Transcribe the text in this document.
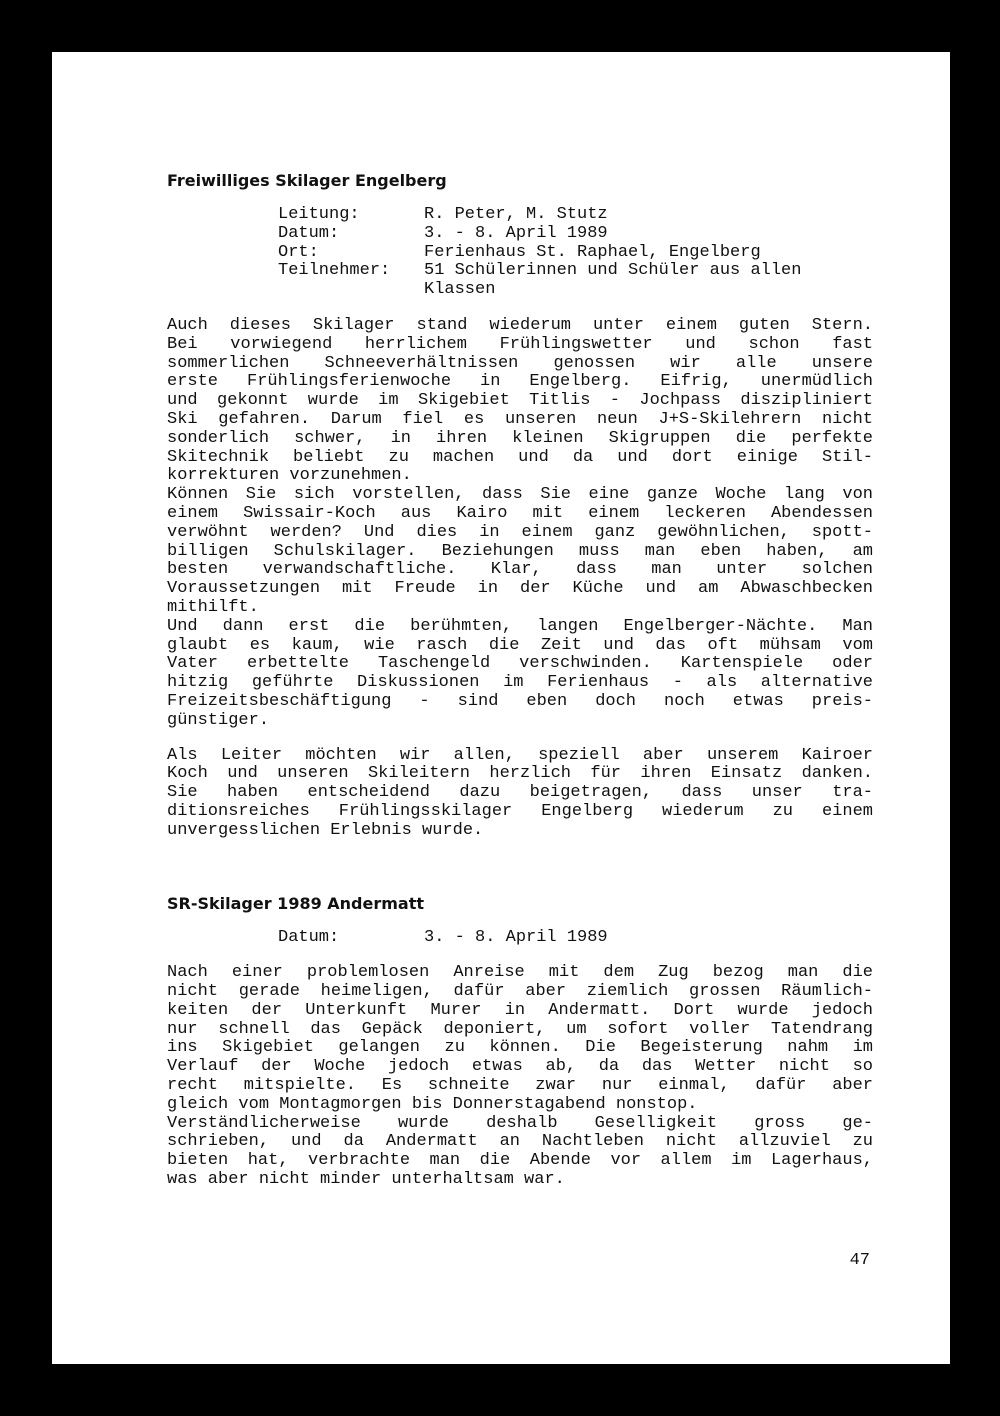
Freiwilliges Skilager Engelberg
Leitung:	R. Peter, M. Stutz
Datum:	3. - 8. April 1989
Ort:	Ferienhaus St. Raphael, Engelberg
Teilnehmer:	51 Schülerinnen und Schüler aus allen
Klassen
Auch dieses Skilager stand wiederum unter einem guten Stern.
Bei vorwiegend herrlichem Frühlingswetter und schon fast
sommerlichen Schneeverhältnissen genossen wir alle unsere
erste Frühlingsferienwoche in Engelberg. Eifrig, unermüdlich
und gekonnt wurde im Skigebiet Titlis - Jochpass diszipliniert
Ski gefahren. Darum fiel es unseren neun J+S-Skilehrern nicht
sonderlich schwer, in ihren kleinen Skigruppen die perfekte
Skitechnik beliebt zu machen und da und dort einige Stil-
korrekturen vorzunehmen.
Können Sie sich vorstellen, dass Sie eine ganze Woche lang von
einem Swissair-Koch aus Kairo mit einem leckeren Abendessen
verwöhnt werden? Und dies in einem ganz gewöhnlichen, spott-
billigen Schulskilager. Beziehungen muss man eben haben, am
besten verwandschaftliche. Klar, dass man unter solchen
Voraussetzungen mit Freude in der Küche und am Abwaschbecken
mithilft.
Und dann erst die berühmten, langen Engelberger-Nächte. Man
glaubt es kaum, wie rasch die Zeit und das oft mühsam vom
Vater erbettelte Taschengeld verschwinden. Kartenspiele oder
hitzig geführte Diskussionen im Ferienhaus - als alternative
Freizeitsbeschäftigung - sind eben doch noch etwas preis-
günstiger.
Als Leiter möchten wir allen, speziell aber unserem Kairoer
Koch und unseren Skileitern herzlich für ihren Einsatz danken.
Sie haben entscheidend dazu beigetragen, dass unser tra-
ditionsreiches Frühlingsskilager Engelberg wiederum zu einem
unvergesslichen Erlebnis wurde.
SR-Skilager 1989 Andermatt
Datum:	3. - 8. April 1989
Nach einer problemlosen Anreise mit dem Zug bezog man die
nicht gerade heimeligen, dafür aber ziemlich grossen Räumlich-
keiten der Unterkunft Murer in Andermatt. Dort wurde jedoch
nur schnell das Gepäck deponiert, um sofort voller Tatendrang
ins Skigebiet gelangen zu können. Die Begeisterung nahm im
Verlauf der Woche jedoch etwas ab, da das Wetter nicht so
recht mitspielte. Es schneite zwar nur einmal, dafür aber
gleich vom Montagmorgen bis Donnerstagabend nonstop.
Verständlicherweise wurde deshalb Geselligkeit gross ge-
schrieben, und da Andermatt an Nachtleben nicht allzuviel zu
bieten hat, verbrachte man die Abende vor allem im Lagerhaus,
was aber nicht minder unterhaltsam war.
47
